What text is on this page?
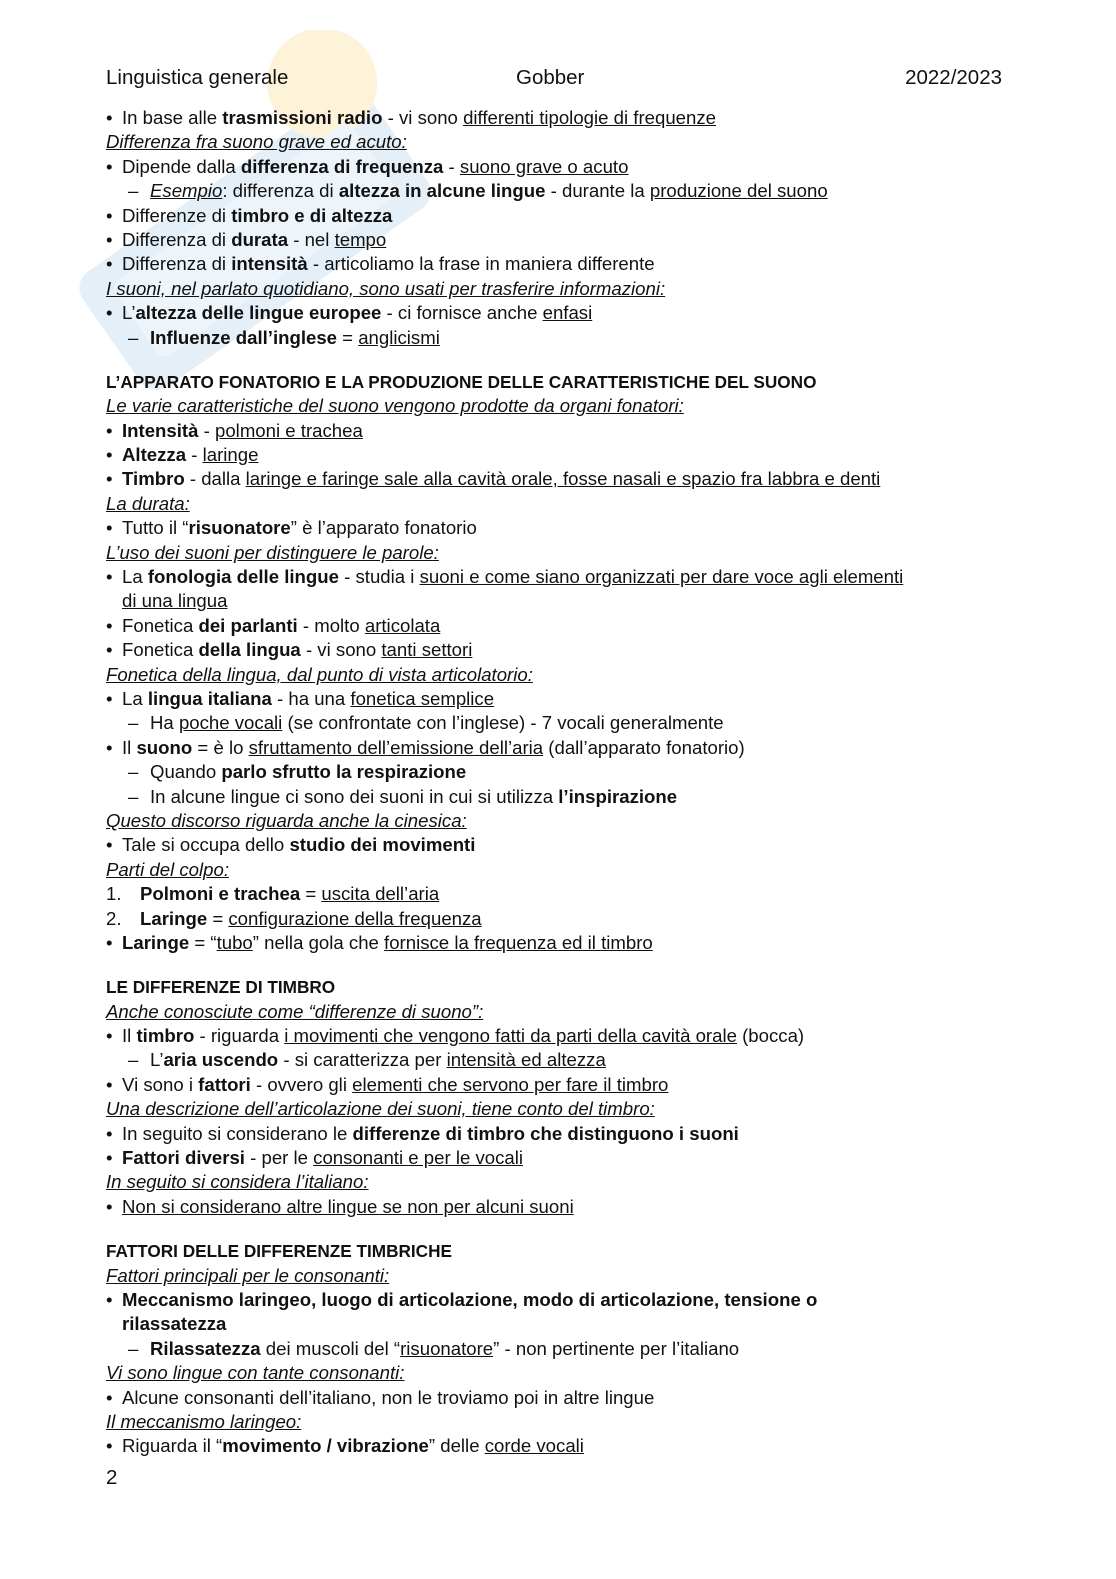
Linguistica generale	Gobber	2022/2023
• In base alle trasmissioni radio - vi sono differenti tipologie di frequenze
Differenza fra suono grave ed acuto:
• Dipende dalla differenza di frequenza - suono grave o acuto
– Esempio: differenza di altezza in alcune lingue - durante la produzione del suono
• Differenze di timbro e di altezza
• Differenza di durata - nel tempo
• Differenza di intensità - articoliamo la frase in maniera differente
I suoni, nel parlato quotidiano, sono usati per trasferire informazioni:
• L’altezza delle lingue europee - ci fornisce anche enfasi
– Influenze dall’inglese = anglicismi
L’APPARATO FONATORIO E LA PRODUZIONE DELLE CARATTERISTICHE DEL SUONO
Le varie caratteristiche del suono vengono prodotte da organi fonatori:
• Intensità - polmoni e trachea
• Altezza - laringe
• Timbro - dalla laringe e faringe sale alla cavità orale, fosse nasali e spazio fra labbra e denti
La durata:
• Tutto il “risuonatore” è l’apparato fonatorio
L’uso dei suoni per distinguere le parole:
• La fonologia delle lingue - studia i suoni e come siano organizzati per dare voce agli elementi
di una lingua
• Fonetica dei parlanti - molto articolata
• Fonetica della lingua - vi sono tanti settori
Fonetica della lingua, dal punto di vista articolatorio:
• La lingua italiana - ha una fonetica semplice
– Ha poche vocali (se confrontate con l’inglese) - 7 vocali generalmente
• Il suono = è lo sfruttamento dell’emissione dell’aria (dall’apparato fonatorio)
– Quando parlo sfrutto la respirazione
– In alcune lingue ci sono dei suoni in cui si utilizza l’inspirazione
Questo discorso riguarda anche la cinesica:
• Tale si occupa dello studio dei movimenti
Parti del colpo:
1. Polmoni e trachea = uscita dell’aria
2. Laringe = configurazione della frequenza
• Laringe = “tubo” nella gola che fornisce la frequenza ed il timbro
LE DIFFERENZE DI TIMBRO
Anche conosciute come “differenze di suono”:
• Il timbro - riguarda i movimenti che vengono fatti da parti della cavità orale (bocca)
– L’aria uscendo - si caratterizza per intensità ed altezza
• Vi sono i fattori - ovvero gli elementi che servono per fare il timbro
Una descrizione dell’articolazione dei suoni, tiene conto del timbro:
• In seguito si considerano le differenze di timbro che distinguono i suoni
• Fattori diversi - per le consonanti e per le vocali
In seguito si considera l’italiano:
• Non si considerano altre lingue se non per alcuni suoni
FATTORI DELLE DIFFERENZE TIMBRICHE
Fattori principali per le consonanti:
• Meccanismo laringeo, luogo di articolazione, modo di articolazione, tensione o
rilassatezza
– Rilassatezza dei muscoli del “risuonatore” - non pertinente per l’italiano
Vi sono lingue con tante consonanti:
• Alcune consonanti dell’italiano, non le troviamo poi in altre lingue
Il meccanismo laringeo:
• Riguarda il “movimento / vibrazione” delle corde vocali
2
